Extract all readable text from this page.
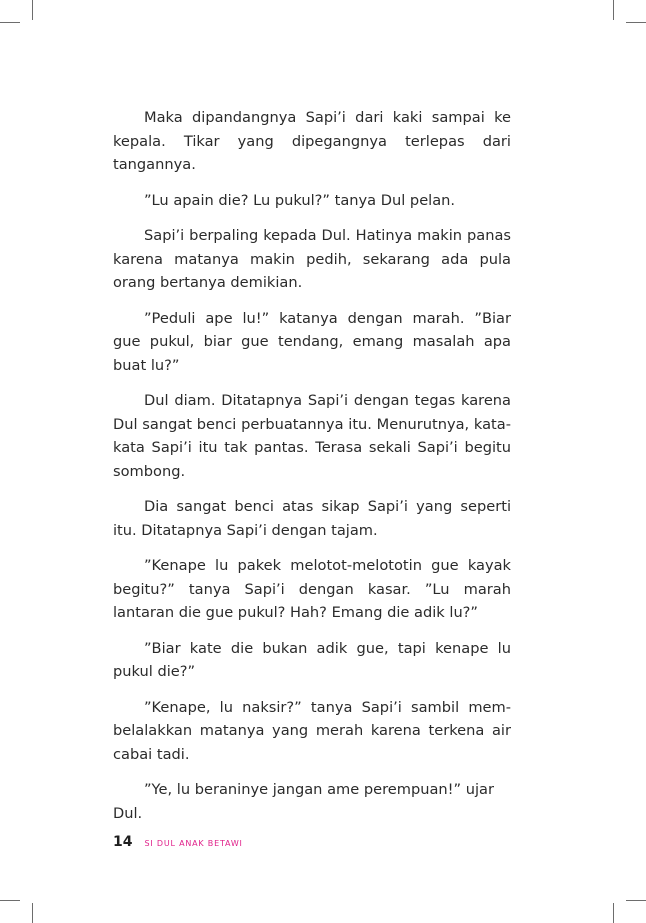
Maka dipandangnya Sapi’i dari kaki sampai ke kepala. Tikar yang dipegangnya terlepas dari tangannya.

”Lu apain die? Lu pukul?” tanya Dul pelan.

Sapi’i berpaling kepada Dul. Hatinya makin panas karena matanya makin pedih, sekarang ada pula orang bertanya demikian.

”Peduli ape lu!” katanya dengan marah. ”Biar gue pukul, biar gue tendang, emang masalah apa buat lu?”

Dul diam. Ditatapnya Sapi’i dengan tegas karena Dul sangat benci perbuatannya itu. Menurutnya, kata-kata Sapi’i itu tak pantas. Terasa sekali Sapi’i begitu sombong.

Dia sangat benci atas sikap Sapi’i yang seperti itu. Ditatapnya Sapi’i dengan tajam.

”Kenape lu pakek melotot-melototin gue kayak begitu?” tanya Sapi’i dengan kasar. ”Lu marah lantaran die gue pukul? Hah? Emang die adik lu?”

”Biar kate die bukan adik gue, tapi kenape lu pukul die?”

”Kenape, lu naksir?” tanya Sapi’i sambil mem-belalakkan matanya yang merah karena terkena air cabai tadi.

”Ye, lu beraninye jangan ame perempuan!” ujar Dul.

14 SI DUL ANAK BETAWI
